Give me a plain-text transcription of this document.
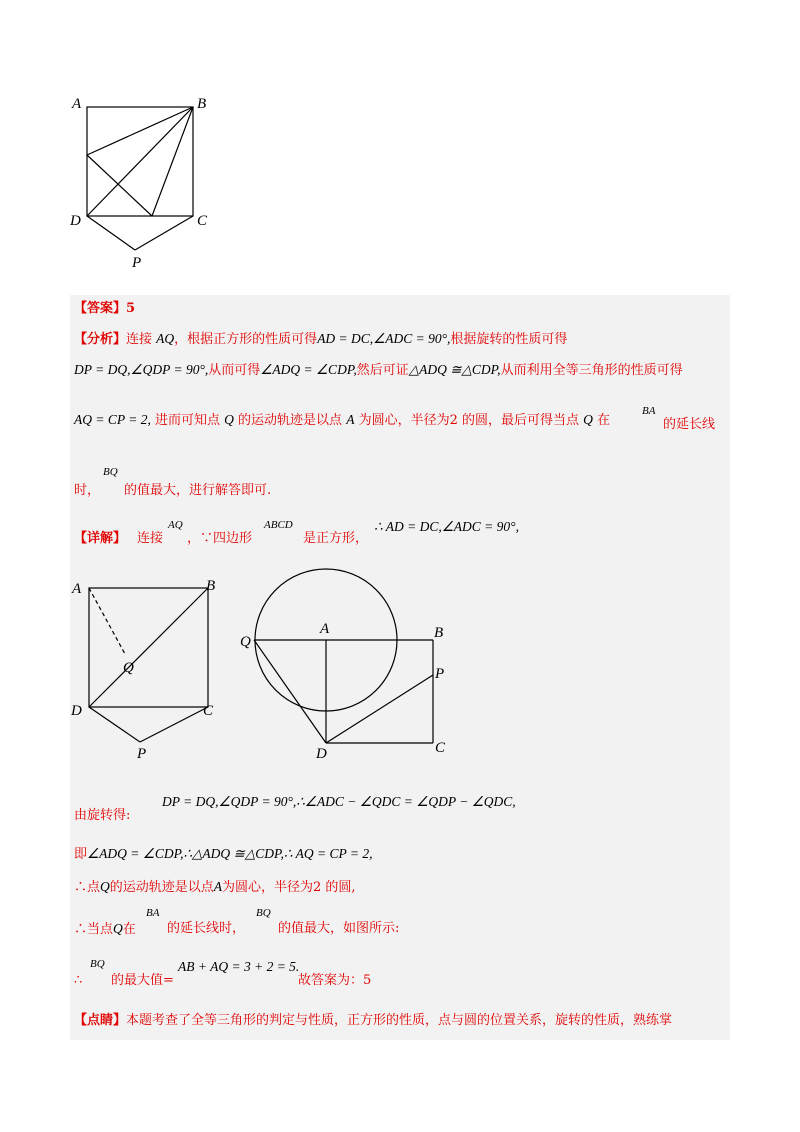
A	B
D	C
P
【答案】5
【分析】连接 AQ，根据正方形的性质可得AD = DC,∠ADC = 90°,根据旋转的性质可得
DP = DQ,∠QDP = 90°,从而可得∠ADQ = ∠CDP,然后可证△ADQ ≅△CDP,从而利用全等三角形的性质可得
AQ = CP = 2, 进而可知点 Q 的运动轨迹是以点 A 为圆心，半径为2 的圆，最后可得当点 Q 在
BA
的延长线
时，
BQ
的值最大，进行解答即可.
【详解】 连接
AQ
，∵四边形
ABCD
是正方形，
∴ AD = DC,∠ADC = 90°,
A	B
Q
D	C
P
Q
A	B
P
D	C
DP = DQ,∠QDP = 90°,∴∠ADC − ∠QDC = ∠QDP − ∠QDC,
由旋转得:
即∠ADQ = ∠CDP,∴△ADQ ≅△CDP,∴ AQ = CP = 2,
∴点Q的运动轨迹是以点A为圆心，半径为2 的圆,
∴当点Q在
BA
的延长线时，
BQ
的值最大，如图所示:
∴
BQ
的最大值=
AB + AQ = 3 + 2 = 5.
故答案为：5
【点睛】本题考查了全等三角形的判定与性质，正方形的性质，点与圆的位置关系，旋转的性质，熟练掌
